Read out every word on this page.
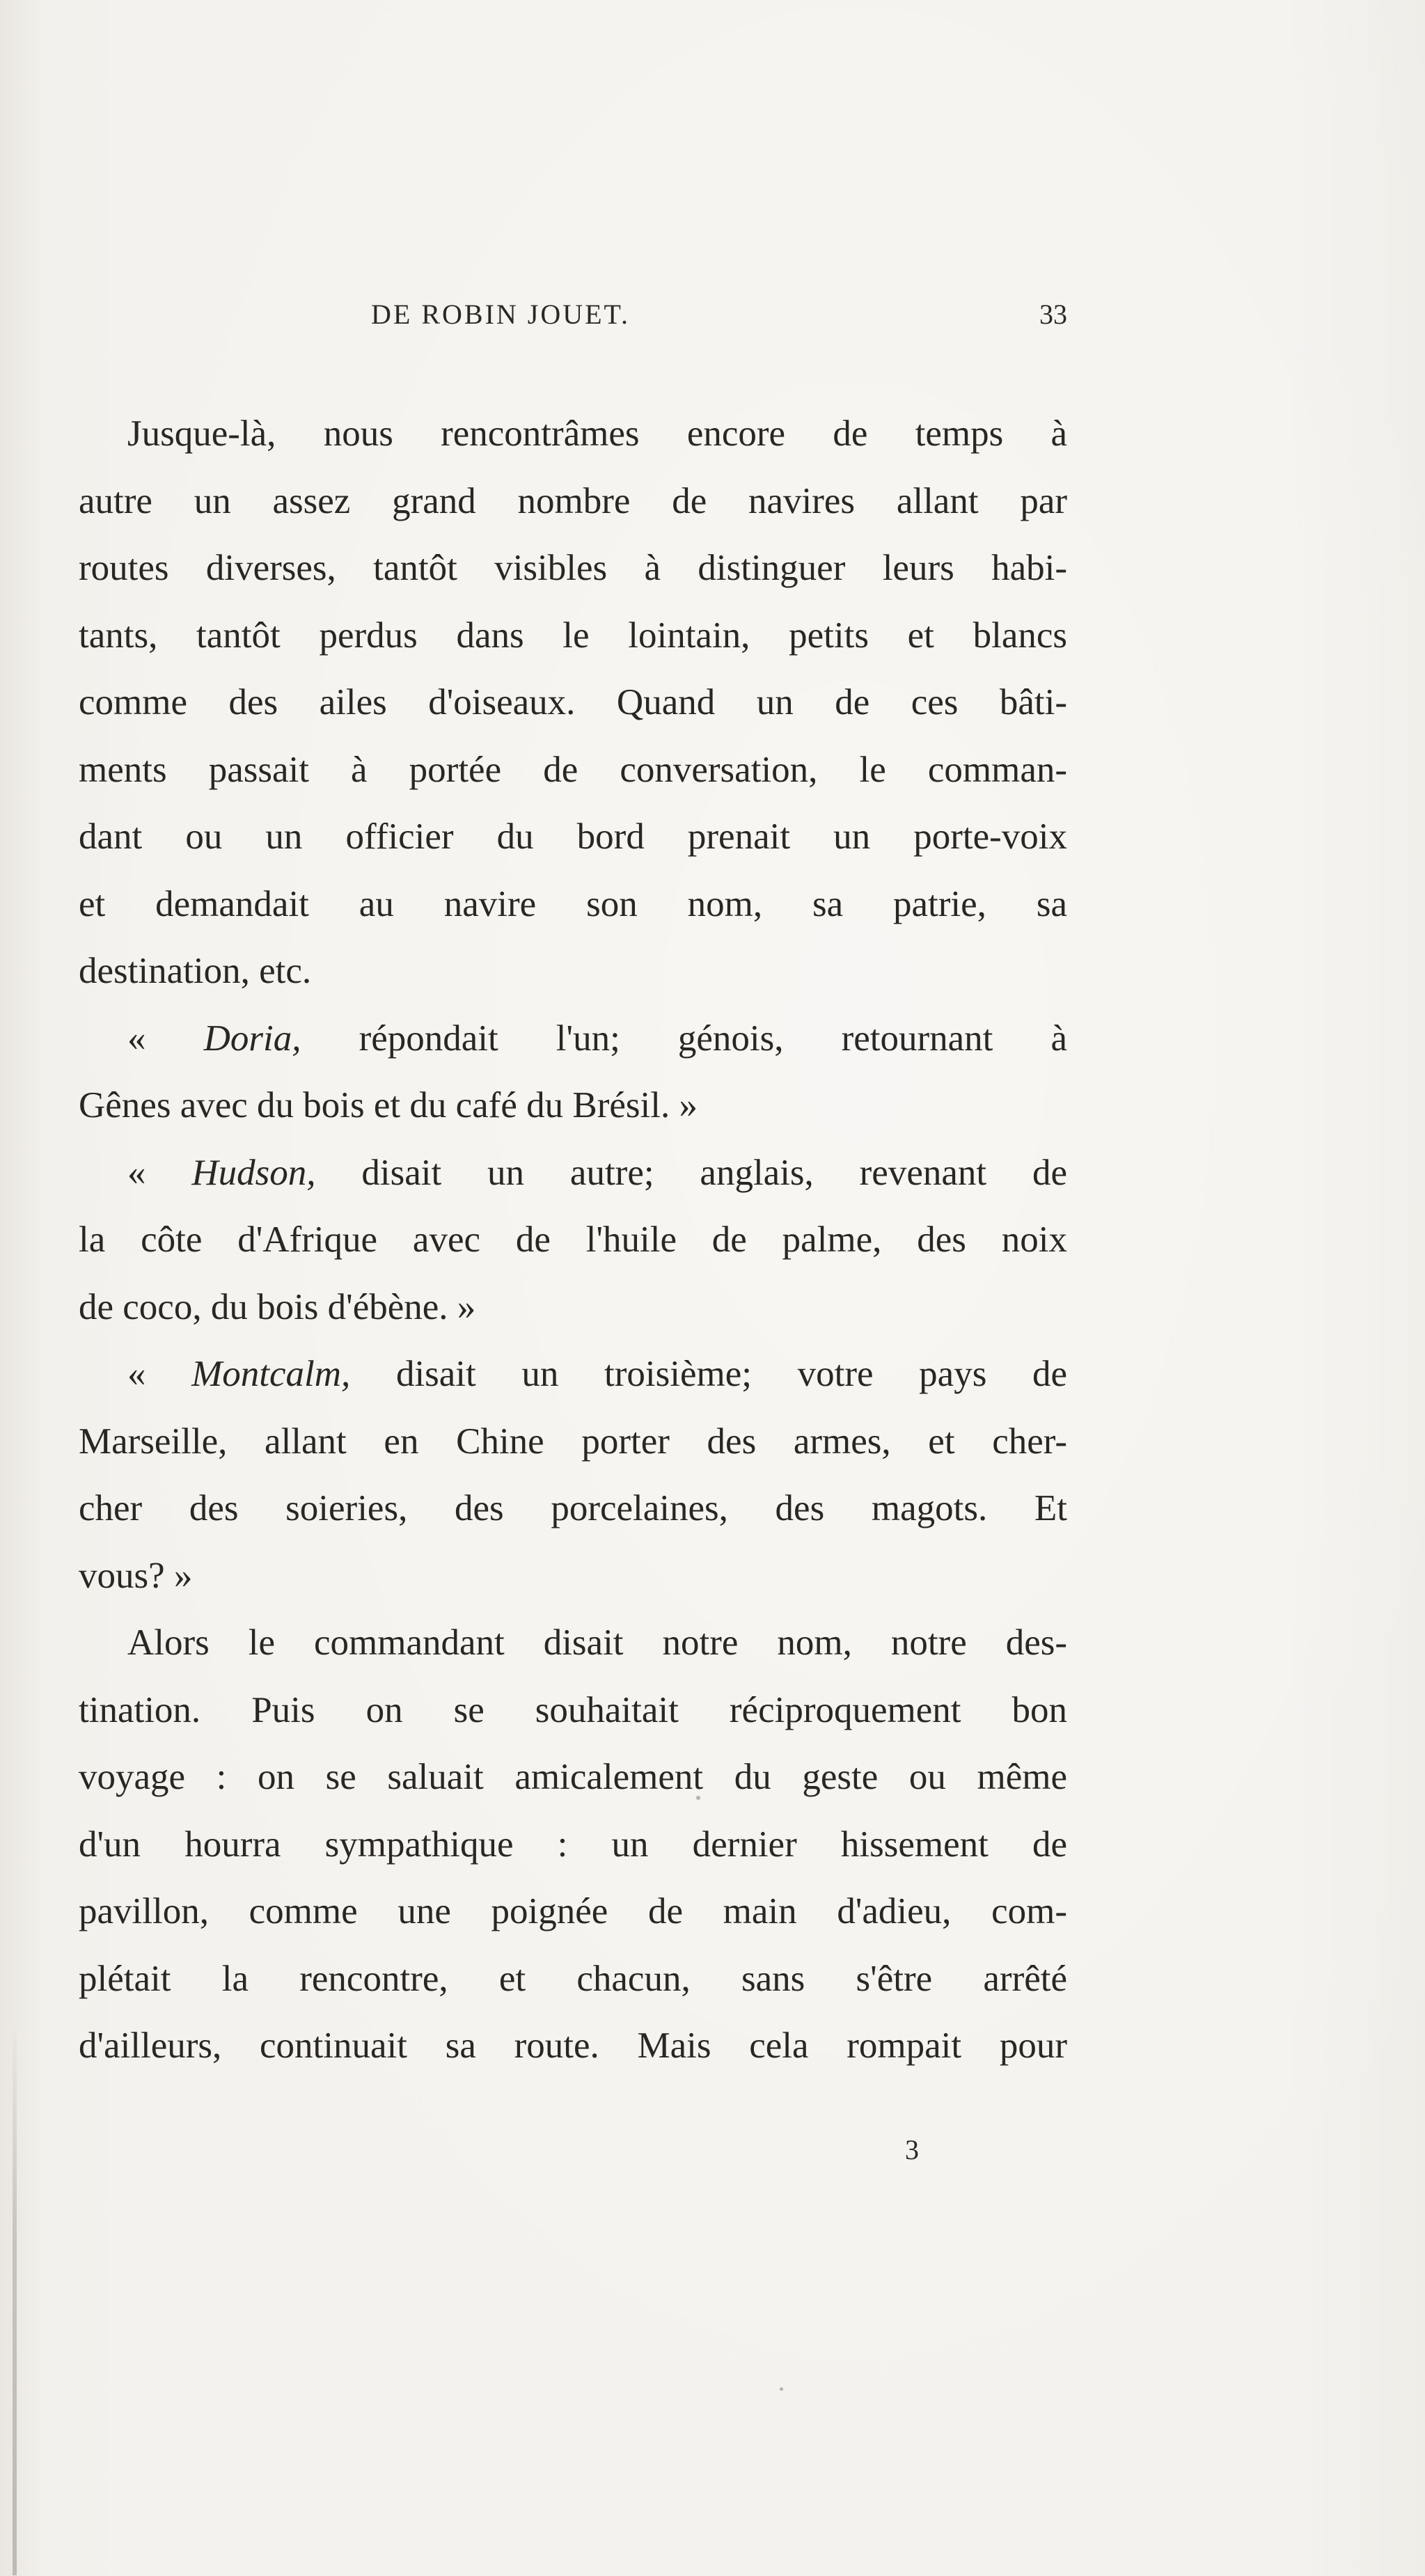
DE ROBIN JOUET.	33
Jusque-là, nous rencontrâmes encore de temps à
autre un assez grand nombre de navires allant par
routes diverses, tantôt visibles à distinguer leurs habi-
tants, tantôt perdus dans le lointain, petits et blancs
comme des ailes d'oiseaux. Quand un de ces bâti-
ments passait à portée de conversation, le comman-
dant ou un officier du bord prenait un porte-voix
et demandait au navire son nom, sa patrie, sa
destination, etc.
« Doria, répondait l'un; génois, retournant à
Gênes avec du bois et du café du Brésil. »
« Hudson, disait un autre; anglais, revenant de
la côte d'Afrique avec de l'huile de palme, des noix
de coco, du bois d'ébène. »
« Montcalm, disait un troisième; votre pays de
Marseille, allant en Chine porter des armes, et cher-
cher des soieries, des porcelaines, des magots. Et
vous? »
Alors le commandant disait notre nom, notre des-
tination. Puis on se souhaitait réciproquement bon
voyage : on se saluait amicalement du geste ou même
d'un hourra sympathique : un dernier hissement de
pavillon, comme une poignée de main d'adieu, com-
plétait la rencontre, et chacun, sans s'être arrêté
d'ailleurs, continuait sa route. Mais cela rompait pour
3
